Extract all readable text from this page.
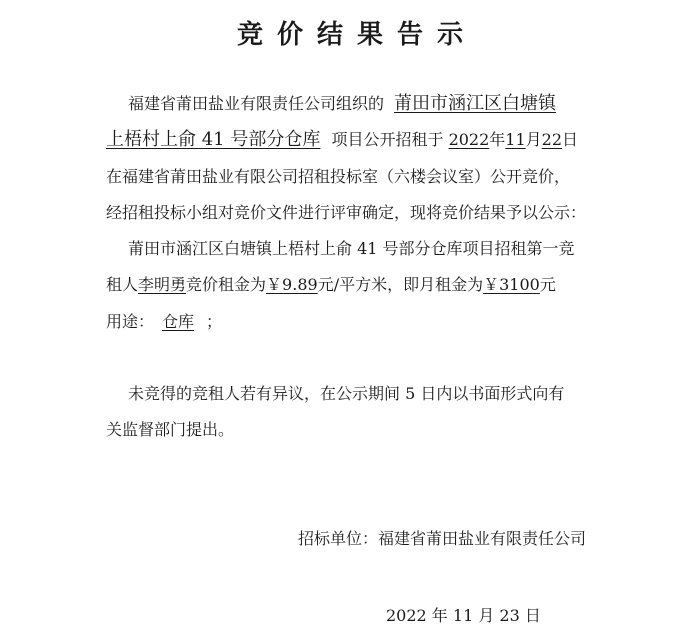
竞价结果告示
福建省莆田盐业有限责任公司组织的 莆田市涵江区白塘镇
上梧村上俞 41 号部分仓库 项目公开招租于 2022年11月22日
在福建省莆田盐业有限公司招租投标室（六楼会议室）公开竞价，
经招租投标小组对竞价文件进行评审确定，现将竞价结果予以公示：
莆田市涵江区白塘镇上梧村上俞 41 号部分仓库项目招租第一竞
租人李明勇竞价租金为￥9.89元/平方米，即月租金为￥3100元
用途： 仓库 ；
未竞得的竞租人若有异议，在公示期间 5 日内以书面形式向有
关监督部门提出。
招标单位：福建省莆田盐业有限责任公司
2022 年 11 月 23 日
